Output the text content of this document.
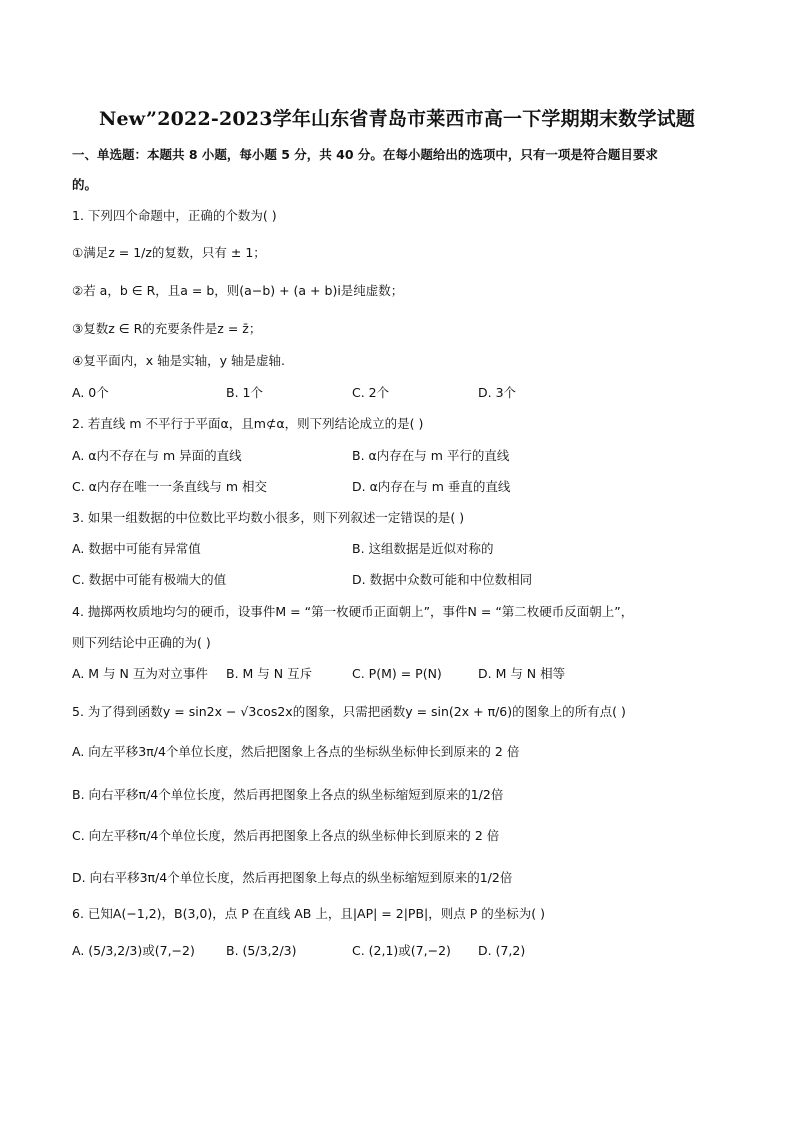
New”2022-2023学年山东省青岛市莱西市高一下学期期末数学试题
一、单选题：本题共 8 小题，每小题 5 分，共 40 分。在每小题给出的选项中，只有一项是符合题目要求
的。
1. 下列四个命题中，正确的个数为( )
①满足z = 1/z的复数，只有 ± 1；
②若 a，b ∈ R，且a = b，则(a−b) + (a + b)i是纯虚数；
③复数z ∈ R的充要条件是z = z̄；
④复平面内，x 轴是实轴，y 轴是虚轴.
A. 0个	B. 1个	C. 2个	D. 3个
2. 若直线 m 不平行于平面α，且m⊄α，则下列结论成立的是( )
A. α内不存在与 m 异面的直线	B. α内存在与 m 平行的直线
C. α内存在唯一一条直线与 m 相交	D. α内存在与 m 垂直的直线
3. 如果一组数据的中位数比平均数小很多，则下列叙述一定错误的是( )
A. 数据中可能有异常值	B. 这组数据是近似对称的
C. 数据中可能有极端大的值	D. 数据中众数可能和中位数相同
4. 抛掷两枚质地均匀的硬币，设事件M = “第一枚硬币正面朝上”，事件N = “第二枚硬币反面朝上”，
则下列结论中正确的为( )
A. M 与 N 互为对立事件 B. M 与 N 互斥	C. P(M) = P(N)	D. M 与 N 相等
5. 为了得到函数y = sin2x − √3cos2x的图象，只需把函数y = sin(2x + π/6)的图象上的所有点( )
A. 向左平移3π/4个单位长度，然后把图象上各点的坐标纵坐标伸长到原来的 2 倍
B. 向右平移π/4个单位长度，然后再把图象上各点的纵坐标缩短到原来的1/2倍
C. 向左平移π/4个单位长度，然后再把图象上各点的纵坐标伸长到原来的 2 倍
D. 向右平移3π/4个单位长度，然后再把图象上每点的纵坐标缩短到原来的1/2倍
6. 已知A(−1,2)，B(3,0)，点 P 在直线 AB 上，且|AP| = 2|PB|，则点 P 的坐标为( )
A. (5/3,2/3)或(7,−2) B. (5/3,2/3)	C. (2,1)或(7,−2) D. (7,2)
